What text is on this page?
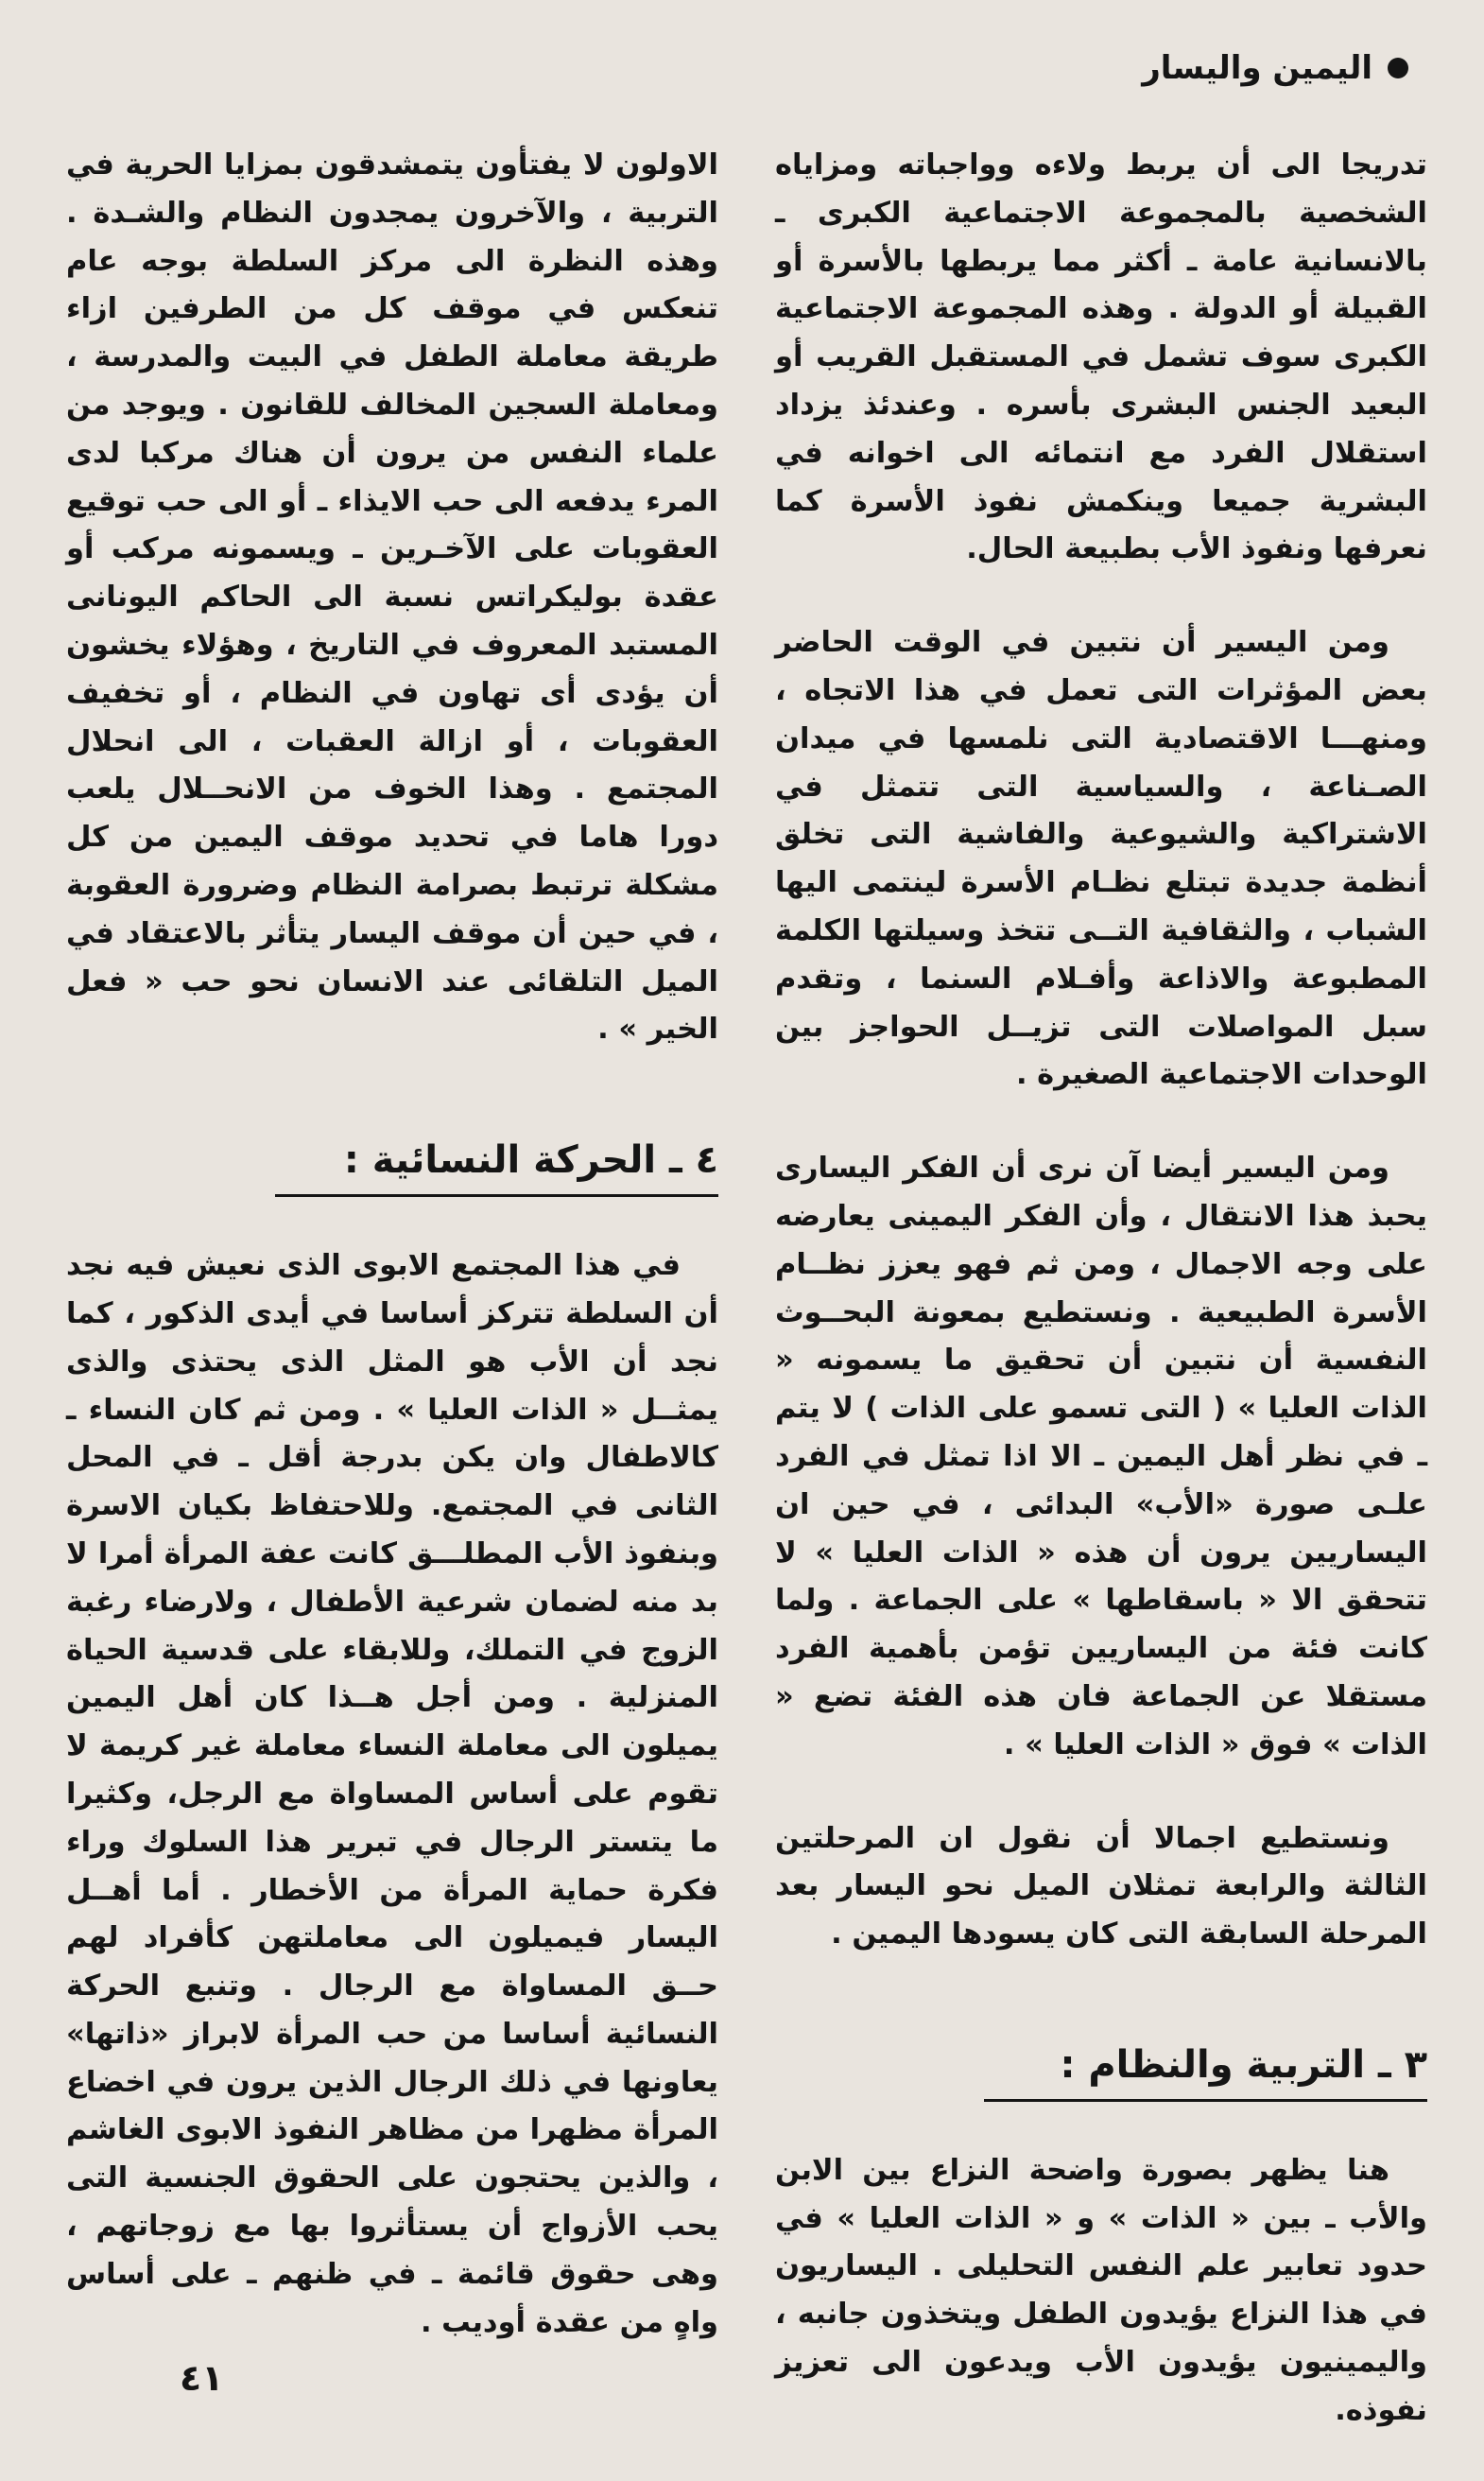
اليمين واليسار

تدريجا الى أن يربط ولاءه وواجباته ومزاياه الشخصية بالمجموعة الاجتماعية الكبرى ـ بالانسانية عامة ـ أكثر مما يربطها بالأسرة أو القبيلة أو الدولة . وهذه المجموعة الاجتماعية الكبرى سوف تشمل في المستقبل القريب أو البعيد الجنس البشرى بأسره . وعندئذ يزداد استقلال الفرد مع انتمائه الى اخوانه في البشرية جميعا وينكمش نفوذ الأسرة كما نعرفها ونفوذ الأب بطبيعة الحال.

ومن اليسير أن نتبين في الوقت الحاضر بعض المؤثرات التى تعمل في هذا الاتجاه ، ومنهـــا الاقتصادية التى نلمسها في ميدان الصـناعة ، والسياسية التى تتمثل في الاشتراكية والشيوعية والفاشية التى تخلق أنظمة جديدة تبتلع نظـام الأسرة لينتمى اليها الشباب ، والثقافية التــى تتخذ وسيلتها الكلمة المطبوعة والاذاعة وأفـلام السنما ، وتقدم سبل المواصلات التى تزيــل الحواجز بين الوحدات الاجتماعية الصغيرة .

ومن اليسير أيضا آن نرى أن الفكر اليسارى يحبذ هذا الانتقال ، وأن الفكر اليمينى يعارضه على وجه الاجمال ، ومن ثم فهو يعزز نظــام الأسرة الطبيعية . ونستطيع بمعونة البحــوث النفسية أن نتبين أن تحقيق ما يسمونه « الذات العليا » ( التى تسمو على الذات ) لا يتم ـ في نظر أهل اليمين ـ الا اذا تمثل في الفرد علـى صورة «الأب» البدائى ، في حين ان اليساريين يرون أن هذه « الذات العليا » لا تتحقق الا « باسقاطها » على الجماعة . ولما كانت فئة من اليساريين تؤمن بأهمية الفرد مستقلا عن الجماعة فان هذه الفئة تضع « الذات » فوق « الذات العليا » .

ونستطيع اجمالا أن نقول ان المرحلتين الثالثة والرابعة تمثلان الميل نحو اليسار بعد المرحلة السابقة التى كان يسودها اليمين .

٣ ـ التربية والنظام :

هنا يظهر بصورة واضحة النزاع بين الابن والأب ـ بين « الذات » و « الذات العليا » في حدود تعابير علم النفس التحليلى . اليساريون في هذا النزاع يؤيدون الطفل ويتخذون جانبه ، واليمينيون يؤيدون الأب ويدعون الى تعزيز نفوذه.

الاولون لا يفتأون يتمشدقون بمزايا الحرية في التربية ، والآخرون يمجدون النظام والشـدة . وهذه النظرة الى مركز السلطة بوجه عام تنعكس في موقف كل من الطرفين ازاء طريقة معاملة الطفل في البيت والمدرسة ، ومعاملة السجين المخالف للقانون . ويوجد من علماء النفس من يرون أن هناك مركبا لدى المرء يدفعه الى حب الايذاء ـ أو الى حب توقيع العقوبات على الآخـرين ـ ويسمونه مركب أو عقدة بوليكراتس نسبة الى الحاكم اليونانى المستبد المعروف في التاريخ ، وهؤلاء يخشون أن يؤدى أى تهاون في النظام ، أو تخفيف العقوبات ، أو ازالة العقبات ، الى انحلال المجتمع . وهذا الخوف من الانحــلال يلعب دورا هاما في تحديد موقف اليمين من كل مشكلة ترتبط بصرامة النظام وضرورة العقوبة ، في حين أن موقف اليسار يتأثر بالاعتقاد في الميل التلقائى عند الانسان نحو حب « فعل الخير » .

٤ ـ الحركة النسائية :

في هذا المجتمع الابوى الذى نعيش فيه نجد أن السلطة تتركز أساسا في أيدى الذكور ، كما نجد أن الأب هو المثل الذى يحتذى والذى يمثــل « الذات العليا » . ومن ثم كان النساء ـ كالاطفال وان يكن بدرجة أقل ـ في المحل الثانى في المجتمع. وللاحتفاظ بكيان الاسرة وبنفوذ الأب المطلـــق كانت عفة المرأة أمرا لا بد منه لضمان شرعية الأطفال ، ولارضاء رغبة الزوج في التملك، وللابقاء على قدسية الحياة المنزلية . ومن أجل هــذا كان أهل اليمين يميلون الى معاملة النساء معاملة غير كريمة لا تقوم على أساس المساواة مع الرجل، وكثيرا ما يتستر الرجال في تبرير هذا السلوك وراء فكرة حماية المرأة من الأخطار . أما أهــل اليسار فيميلون الى معاملتهن كأفراد لهم حــق المساواة مع الرجال . وتنبع الحركة النسائية أساسا من حب المرأة لابراز «ذاتها» يعاونها في ذلك الرجال الذين يرون في اخضاع المرأة مظهرا من مظاهر النفوذ الابوى الغاشم ، والذين يحتجون على الحقوق الجنسية التى يحب الأزواج أن يستأثروا بها مع زوجاتهم ، وهى حقوق قائمة ـ في ظنهم ـ على أساس واهٍ من عقدة أوديب .

٤١
